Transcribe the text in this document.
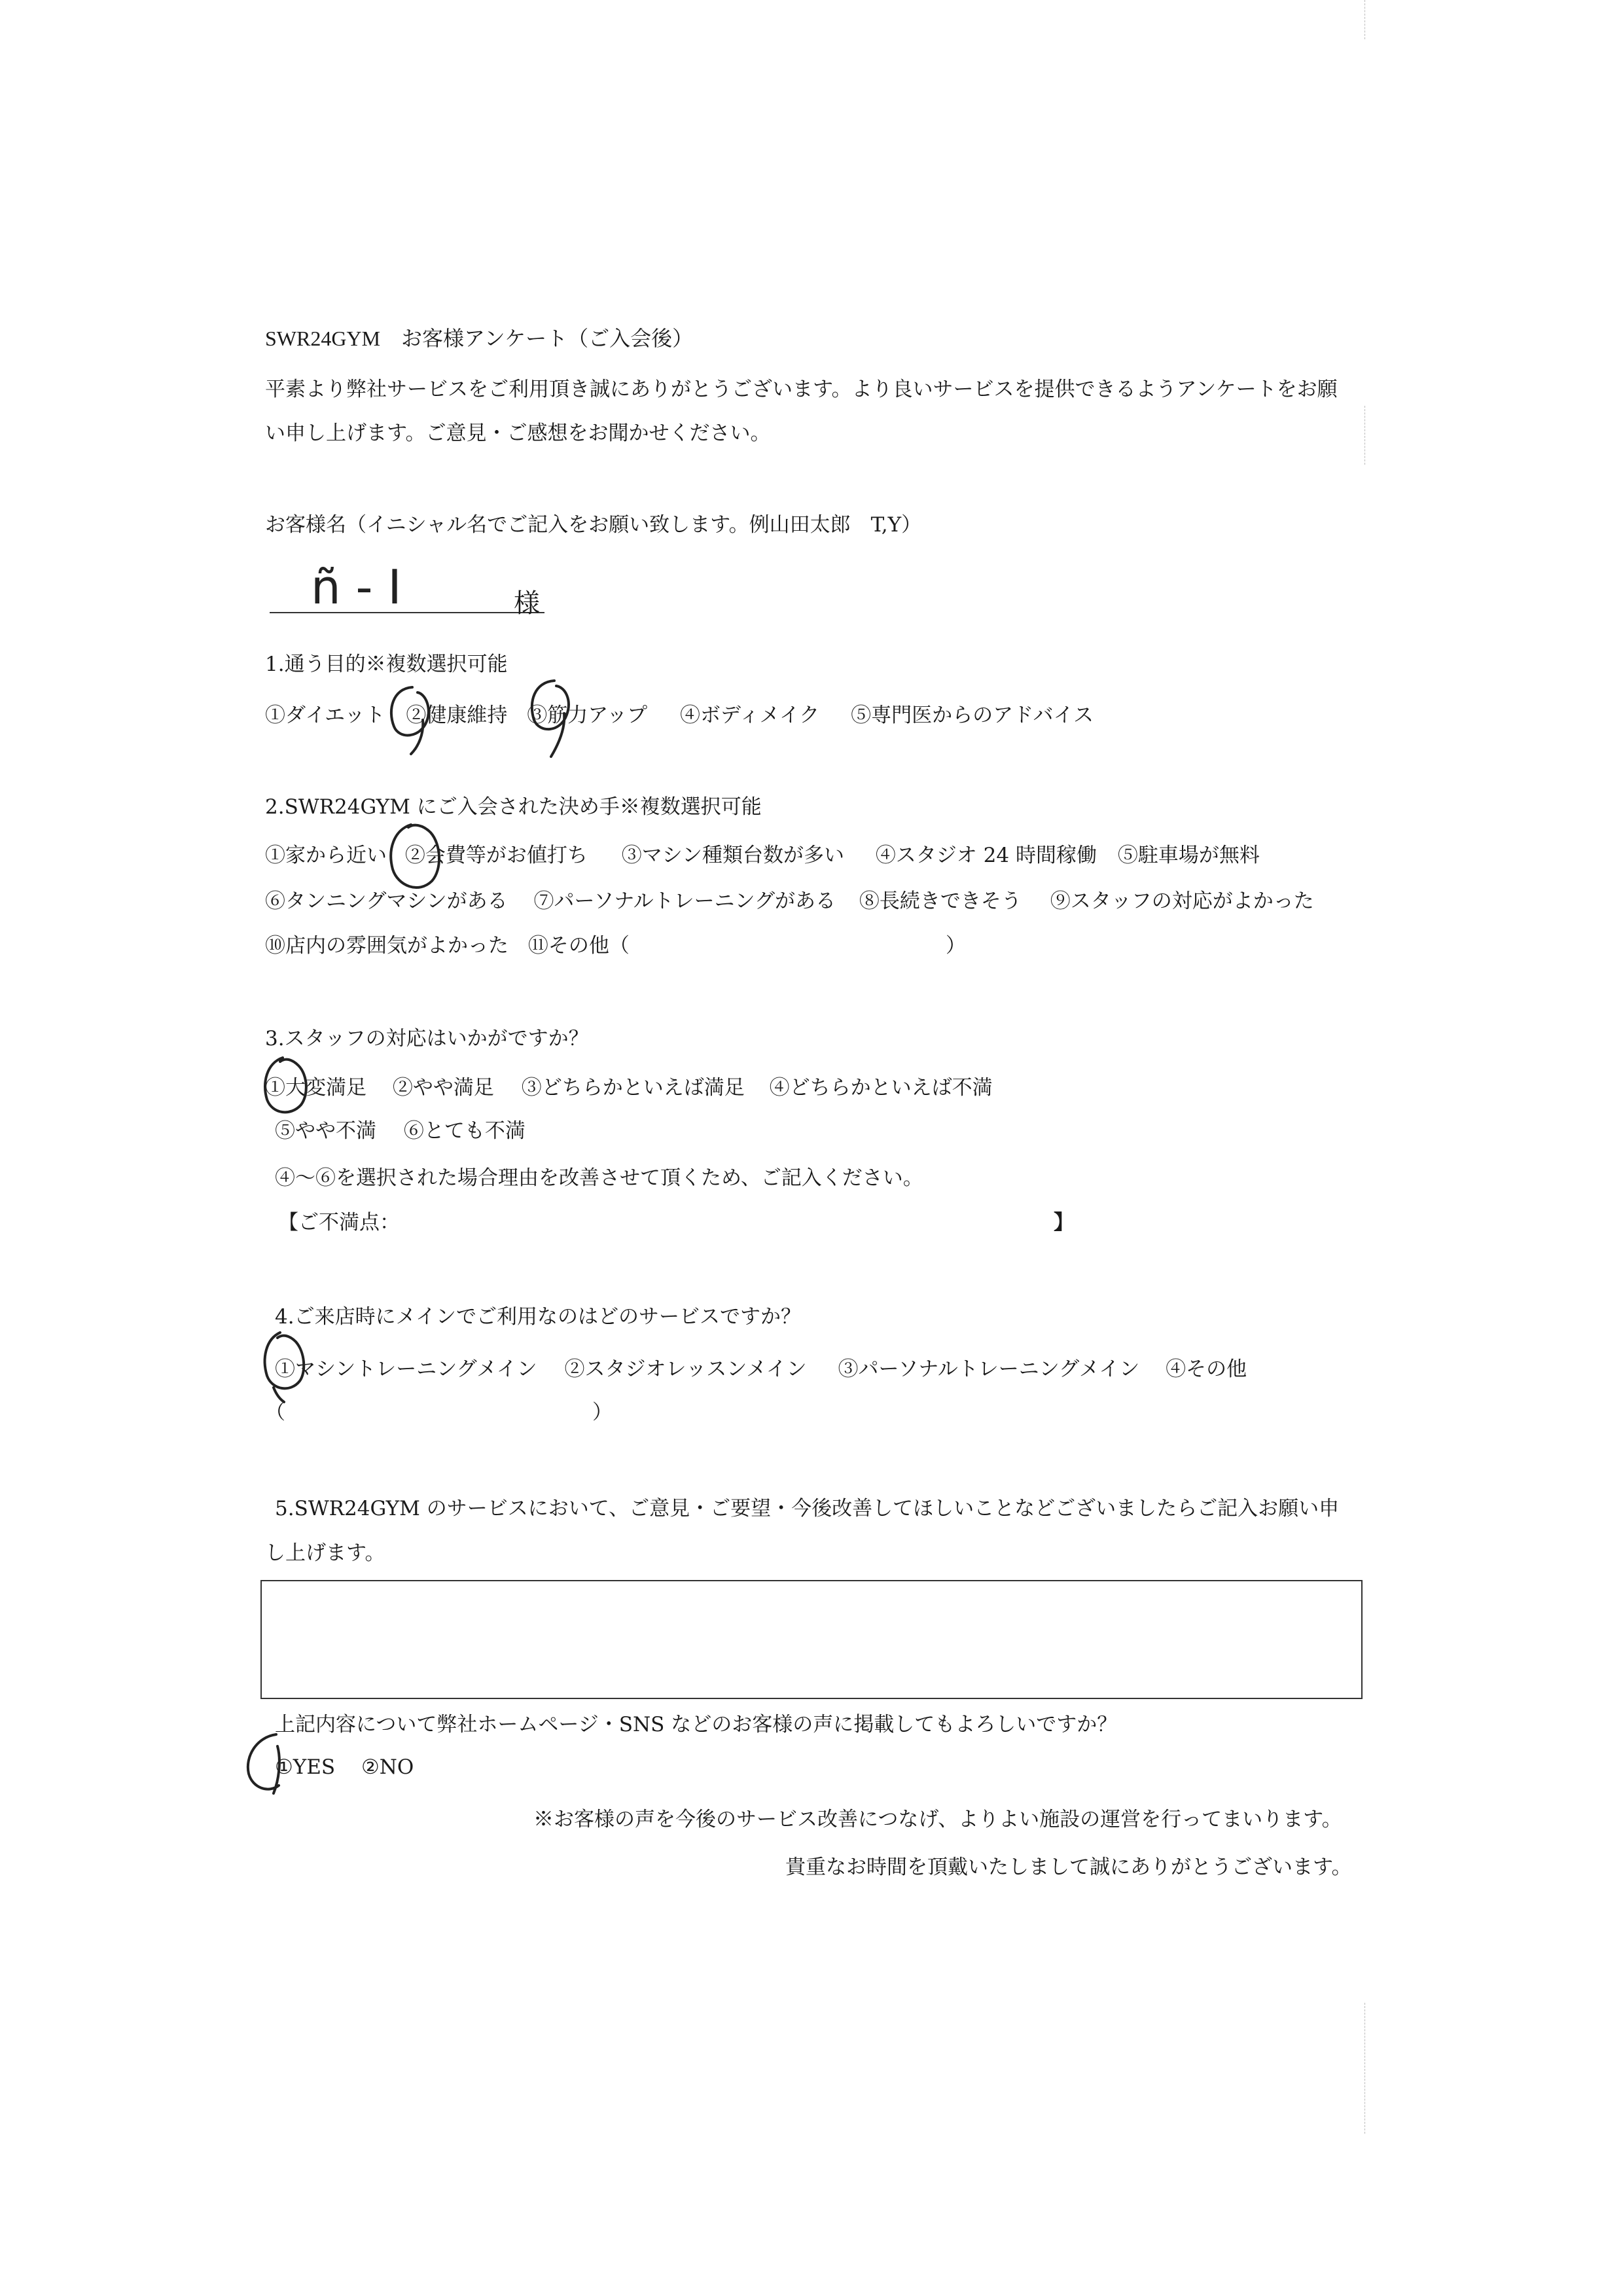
SWR24GYM　 お客様アンケート（ご入会後）
平素より弊社サービスをご利用頂き誠にありがとうございます。より良いサービスを提供できるようアンケートをお願
い申し上げます。ご意見・ご感想をお聞かせください。
お客様名（イニシャル名でご記入をお願い致します。例山田太郎　T,Y）
ñ - I	様
1.通う目的※複数選択可能
①ダイエット ②健康維持 ③筋力アップ ④ボディメイク ⑤専門医からのアドバイス
2.SWR24GYM にご入会された決め手※複数選択可能
①家から近い ②会費等がお値打ち ③マシン種類台数が多い ④スタジオ 24 時間稼働 ⑤駐車場が無料
⑥タンニングマシンがある ⑦パーソナルトレーニングがある ⑧長続きできそう ⑨スタッフの対応がよかった
⑩店内の雰囲気がよかった ⑪その他（	）
3.スタッフの対応はいかがですか？
①大変満足 ②やや満足 ③どちらかといえば満足 ④どちらかといえば不満
⑤やや不満 ⑥とても不満
④～⑥を選択された場合理由を改善させて頂くため、ご記入ください。
【ご不満点：	】
4.ご来店時にメインでご利用なのはどのサービスですか？
①マシントレーニングメイン ②スタジオレッスンメイン ③パーソナルトレーニングメイン ④その他
（	）
5.SWR24GYM のサービスにおいて、ご意見・ご要望・今後改善してほしいことなどございましたらご記入お願い申
し上げます。
上記内容について弊社ホームページ・SNS などのお客様の声に掲載してもよろしいですか？
①YES ②NO
※お客様の声を今後のサービス改善につなげ、よりよい施設の運営を行ってまいります。
貴重なお時間を頂戴いたしまして誠にありがとうございます。
